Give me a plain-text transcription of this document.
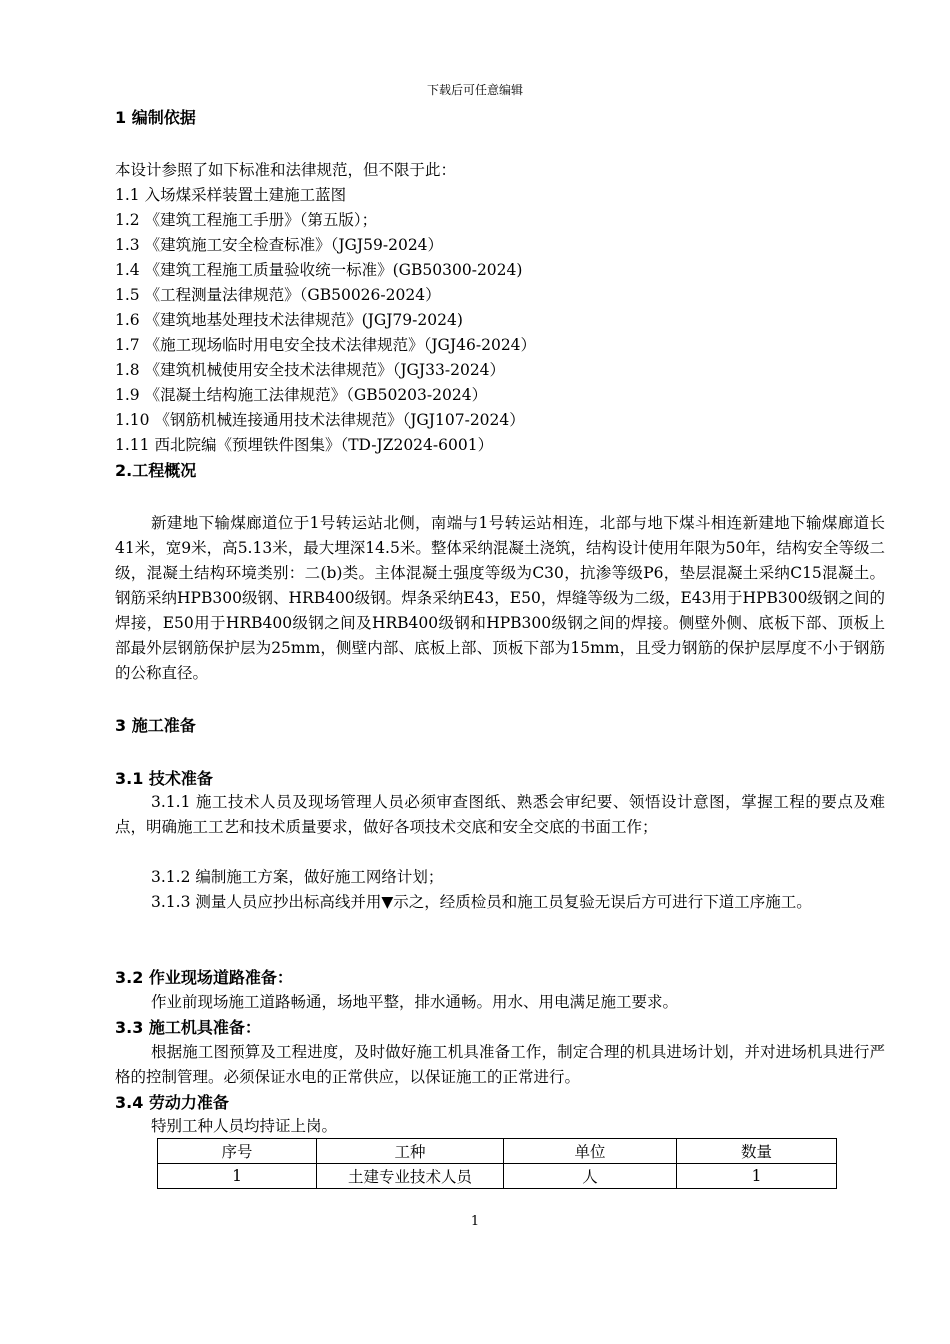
下载后可任意编辑
1 编制依据
本设计参照了如下标准和法律规范，但不限于此：
1.1 入场煤采样装置土建施工蓝图
1.2 《建筑工程施工手册》（第五版）；
1.3 《建筑施工安全检查标准》（JGJ59-2024）
1.4 《建筑工程施工质量验收统一标准》(GB50300-2024)
1.5 《工程测量法律规范》（GB50026-2024）
1.6 《建筑地基处理技术法律规范》(JGJ79-2024)
1.7 《施工现场临时用电安全技术法律规范》（JGJ46-2024）
1.8 《建筑机械使用安全技术法律规范》（JGJ33-2024）
1.9 《混凝土结构施工法律规范》（GB50203-2024）
1.10 《钢筋机械连接通用技术法律规范》（JGJ107-2024）
1.11 西北院编《预埋铁件图集》（TD-JZ2024-6001）
2.工程概况
新建地下输煤廊道位于1号转运站北侧，南端与1号转运站相连，北部与地下煤斗相连新建地下输煤廊道长41米，宽9米，高5.13米，最大埋深14.5米。整体采纳混凝土浇筑，结构设计使用年限为50年，结构安全等级二级，混凝土结构环境类别：二(b)类。主体混凝土强度等级为C30，抗渗等级P6，垫层混凝土采纳C15混凝土。钢筋采纳HPB300级钢、HRB400级钢。焊条采纳E43，E50，焊缝等级为二级，E43用于HPB300级钢之间的焊接，E50用于HRB400级钢之间及HRB400级钢和HPB300级钢之间的焊接。侧壁外侧、底板下部、顶板上部最外层钢筋保护层为25mm，侧壁内部、底板上部、顶板下部为15mm，且受力钢筋的保护层厚度不小于钢筋的公称直径。
3 施工准备
3.1 技术准备
3.1.1 施工技术人员及现场管理人员必须审查图纸、熟悉会审纪要、领悟设计意图，掌握工程的要点及难点，明确施工工艺和技术质量要求，做好各项技术交底和安全交底的书面工作；
3.1.2 编制施工方案，做好施工网络计划；
3.1.3 测量人员应抄出标高线并用▼示之，经质检员和施工员复验无误后方可进行下道工序施工。
3.2 作业现场道路准备：
作业前现场施工道路畅通，场地平整，排水通畅。用水、用电满足施工要求。
3.3 施工机具准备：
根据施工图预算及工程进度，及时做好施工机具准备工作，制定合理的机具进场计划，并对进场机具进行严格的控制管理。必须保证水电的正常供应，以保证施工的正常进行。
3.4 劳动力准备
特别工种人员均持证上岗。
序号	工种	单位	数量
1	土建专业技术人员	人	1
1
